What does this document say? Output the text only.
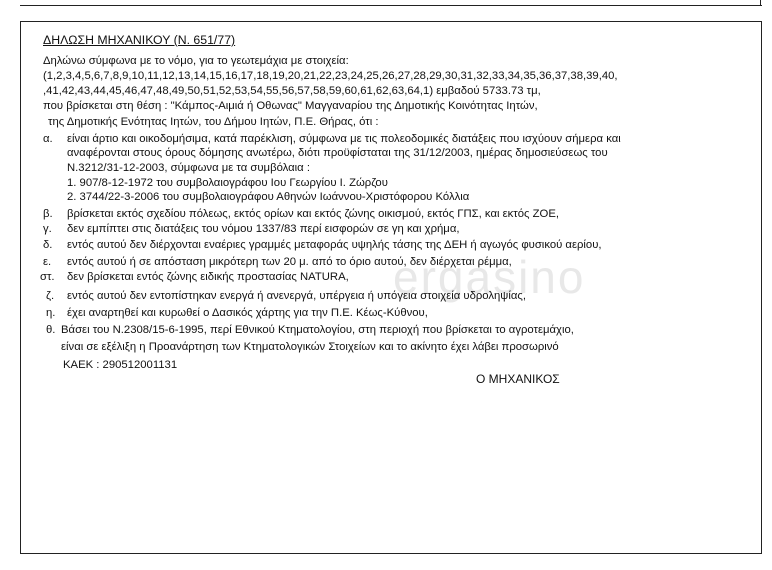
ergasino
ΔΗΛΩΣΗ ΜΗΧΑΝΙΚΟΥ (Ν. 651/77)
Δηλώνω σύμφωνα με το νόμο, για το γεωτεμάχια με στοιχεία:
(1,2,3,4,5,6,7,8,9,10,11,12,13,14,15,16,17,18,19,20,21,22,23,24,25,26,27,28,29,30,31,32,33,34,35,36,37,38,39,40,
,41,42,43,44,45,46,47,48,49,50,51,52,53,54,55,56,57,58,59,60,61,62,63,64,1) εμβαδού 5733.73 τμ,
που βρίσκεται στη θέση : "Κάμπος-Αιμιά ή Οθωνας" Μαγγαναρίου της Δημοτικής Κοινότητας Ιητών,
της Δημοτικής Ενότητας Ιητών, του Δήμου Ιητών, Π.Ε. Θήρας, ότι :
α. είναι άρτιο και οικοδομήσιμα, κατά παρέκλιση, σύμφωνα με τις πολεοδομικές διατάξεις που ισχύουν σήμερα και
αναφέρονται στους όρους δόμησης ανωτέρω, διότι προϋφίσταται της 31/12/2003, ημέρας δημοσιεύσεως του
Ν.3212/31-12-2003, σύμφωνα με τα συμβόλαια :
1. 907/8-12-1972 του συμβολαιογράφου Ιου Γεωργίου Ι. Ζώρζου
2. 3744/22-3-2006 του συμβολαιογράφου Αθηνών Ιωάννου-Χριστόφορου Κόλλια
β. βρίσκεται εκτός σχεδίου πόλεως, εκτός ορίων και εκτός ζώνης οικισμού, εκτός ΓΠΣ, και εκτός ΖΟΕ,
γ. δεν εμπίπτει στις διατάξεις του νόμου 1337/83 περί εισφορών σε γη και χρήμα,
δ. εντός αυτού δεν διέρχονται εναέριες γραμμές μεταφοράς υψηλής τάσης της ΔΕΗ ή αγωγός φυσικού αερίου,
ε. εντός αυτού ή σε απόσταση μικρότερη των 20 μ. από το όριο αυτού, δεν διέρχεται ρέμμα,
στ. δεν βρίσκεται εντός ζώνης ειδικής προστασίας NATURA,
ζ. εντός αυτού δεν εντοπίστηκαν ενεργά ή ανενεργά, υπέργεια ή υπόγεια στοιχεία υδροληψίας,
η. έχει αναρτηθεί και κυρωθεί ο Δασικός χάρτης για την Π.Ε. Κέως-Κύθνου,
θ. Βάσει του Ν.2308/15-6-1995, περί Εθνικού Κτηματολογίου, στη περιοχή που βρίσκεται το αγροτεμάχιο,
είναι σε εξέλιξη η Προανάρτηση των Κτηματολογικών Στοιχείων και το ακίνητο έχει λάβει προσωρινό
ΚΑΕΚ : 290512001131
Ο ΜΗΧΑΝΙΚΟΣ
